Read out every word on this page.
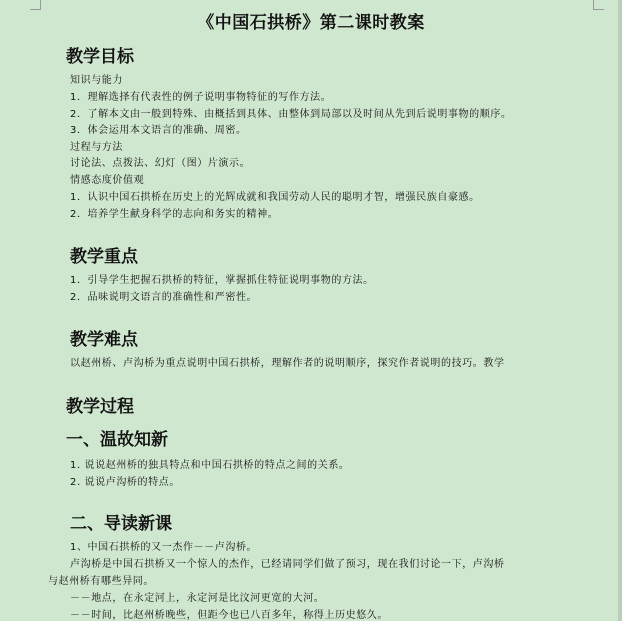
《中国石拱桥》第二课时教案
教学目标
知识与能力
1．理解选择有代表性的例子说明事物特征的写作方法。
2．了解本文由一般到特殊、由概括到具体、由整体到局部以及时间从先到后说明事物的顺序。
3．体会运用本文语言的准确、周密。
过程与方法
讨论法、点拨法、幻灯（图）片演示。
情感态度价值观
1．认识中国石拱桥在历史上的光辉成就和我国劳动人民的聪明才智，增强民族自豪感。
2．培养学生献身科学的志向和务实的精神。
教学重点
1．引导学生把握石拱桥的特征，掌握抓住特征说明事物的方法。
2．品味说明文语言的准确性和严密性。
教学难点
以赵州桥、卢沟桥为重点说明中国石拱桥，理解作者的说明顺序，探究作者说明的技巧。教学
教学过程
一、温故知新
1. 说说赵州桥的独具特点和中国石拱桥的特点之间的关系。
2. 说说卢沟桥的特点。
二、导读新课
1、中国石拱桥的又一杰作－－卢沟桥。
卢沟桥是中国石拱桥又一个惊人的杰作，已经请同学们做了预习，现在我们讨论一下，卢沟桥
与赵州桥有哪些异同。
－－地点，在永定河上，永定河是比汶河更宽的大河。
－－时间，比赵州桥晚些，但距今也已八百多年，称得上历史悠久。
